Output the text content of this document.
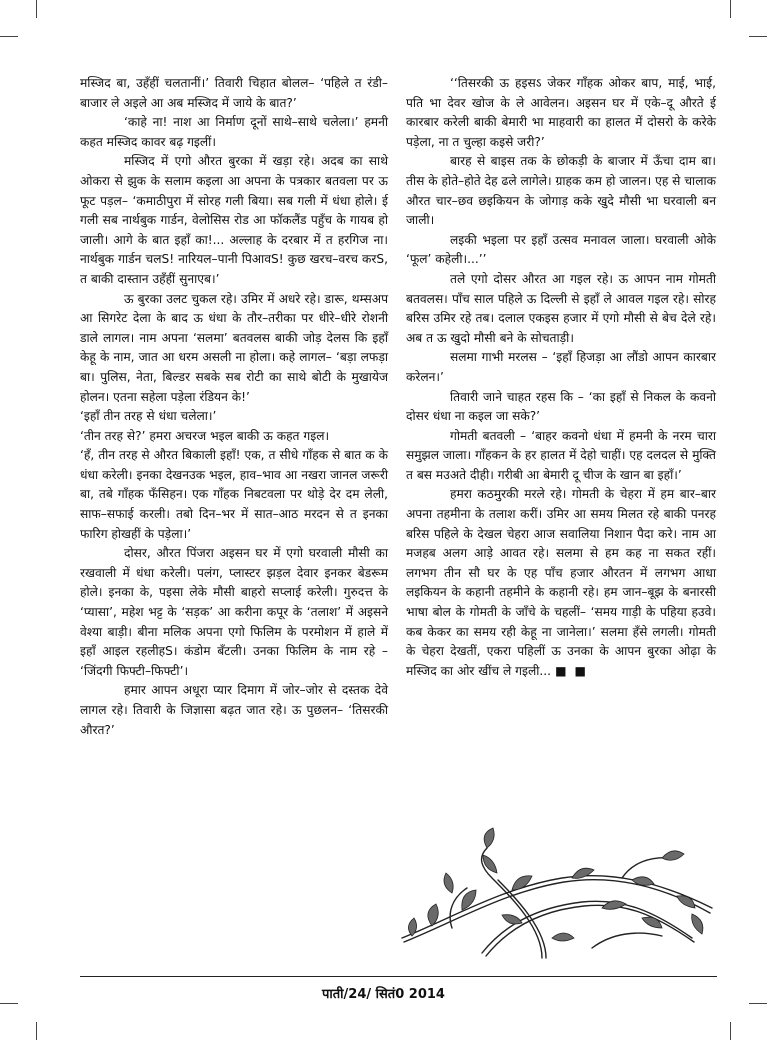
मस्जिद बा, उहँहीं चलतानीं।’ तिवारी चिहात बोलल– ‘पहिले त रंडी–बाजार ले अइले आ अब मस्जिद में जाये के बात?’

‘काहे ना! नाश आ निर्माण दूनों साथे–साथे चलेला।’ हमनी कहत मस्जिद कावर बढ़ गइलीं।

मस्जिद में एगो औरत बुरका में खड़ा रहे। अदब का साथे ओकरा से झुक के सलाम कइला आ अपना के पत्रकार बतवला पर ऊ फूट पड़ल– ‘कमाठीपुरा में सोरह गली बिया। सब गली में धंधा होले। ई गली सब नार्थबुक गार्डन, वेलोसिस रोड आ फॉकलैंड पहुँच के गायब हो जाली। आगे के बात इहाँ का!... अल्लाह के दरबार में त हरगिज ना। नार्थबुक गार्डन चलS! नारियल–पानी पिआवS! कुछ खरच–वरच करS, त बाकी दास्तान उहँहीं सुनाएब।’

ऊ बुरका उलट चुकल रहे। उमिर में अधरे रहे। डारू, थम्सअप आ सिगरेट देला के बाद ऊ धंधा के तौर–तरीका पर धीरे–धीरे रोशनी डाले लागल। नाम अपना ‘सलमा’ बतवलस बाकी जोड़ देलस कि इहाँ केहू के नाम, जात आ धरम असली ना होला। कहे लागल– ‘बड़ा लफड़ा बा। पुलिस, नेता, बिल्डर सबके सब रोटी का साथे बोटी के मुखायेज होलन। एतना सहेला पड़ेला रंडियन के!’

‘इहाँ तीन तरह से धंधा चलेला।’

‘तीन तरह से?’ हमरा अचरज भइल बाकी ऊ कहत गइल।

‘हँ, तीन तरह से औरत बिकाली इहाँ! एक, त सीधे गाँहक से बात क के धंधा करेली। इनका देखनउक भइल, हाव–भाव आ नखरा जानल जरूरी बा, तबे गाँहक फँसिहन। एक गाँहक निबटवला पर थोड़े देर दम लेली, साफ–सफाई करली। तबो दिन–भर में सात–आठ मरदन से त इनका फारिग होखहीं के पड़ेला।’

दोसर, औरत पिंजरा अइसन घर में एगो घरवाली मौसी का रखवाली में धंधा करेली। पलंग, प्लास्टर झड़ल देवार इनकर बेडरूम होले। इनका के, पइसा लेके मौसी बाहरो सप्लाई करेली। गुरुदत्त के ‘प्यासा’, महेश भट्ट के ‘सड़क’ आ करीना कपूर के ‘तलाश’ में अइसने वेश्या बाड़ी। बीना मलिक अपना एगो फिलिम के परमोशन में हाले में इहाँ आइल रहलीहS। कंडोम बँटली। उनका फिलिम के नाम रहे – ‘जिंदगी फिफ्टी–फिफ्टी’।

हमार आपन अधूरा प्यार दिमाग में जोर–जोर से दस्तक देवे लागल रहे। तिवारी के जिज्ञासा बढ़त जात रहे। ऊ पुछलन– ‘तिसरकी औरत?’

‘‘तिसरकी ऊ हइसऽ जेकर गाँहक ओकर बाप, माई, भाई, पति भा देवर खोज के ले आवेलन। अइसन घर में एके–दू औरते ई कारबार करेली बाकी बेमारी भा माहवारी का हालत में दोसरो के करेके पड़ेला, ना त चुल्हा कइसे जरी?’

बारह से बाइस तक के छोकड़ी के बाजार में ऊँचा दाम बा। तीस के होते–होते देह ढले लागेले। ग्राहक कम हो जालन। एह से चालाक औरत चार–छव छइकियन के जोगाड़ कके खुदे मौसी भा घरवाली बन जाली।

लइकी भइला पर इहाँ उत्सव मनावल जाला। घरवाली ओके ‘फूल’ कहेली।...’’

तले एगो दोसर औरत आ गइल रहे। ऊ आपन नाम गोमती बतवलस। पाँच साल पहिले ऊ दिल्ली से इहाँ ले आवल गइल रहे। सोरह बरिस उमिर रहे तब। दलाल एकइस हजार में एगो मौसी से बेच देले रहे। अब त ऊ खुदो मौसी बने के सोचताड़ी।

सलमा गाभी मरलस – ‘इहाँ हिजड़ा आ लौंडो आपन कारबार करेलन।’

तिवारी जाने चाहत रहस कि – ‘का इहाँ से निकल के कवनो दोसर धंधा ना कइल जा सके?’

गोमती बतवली – ‘बाहर कवनो धंधा में हमनी के नरम चारा समुझल जाला। गाँहकन के हर हालत में देहो चाहीं। एह दलदल से मुक्ति त बस मउअते दीही। गरीबी आ बेमारी दू चीज के खान बा इहाँ।’

हमरा कठमुरकी मरले रहे। गोमती के चेहरा में हम बार–बार अपना तहमीना के तलाश करीं। उमिर आ समय मिलत रहे बाकी पनरह बरिस पहिले के देखल चेहरा आज सवालिया निशान पैदा करे। नाम आ मजहब अलग आड़े आवत रहे। सलमा से हम कह ना सकत रहीं। लगभग तीन सौ घर के एह पाँच हजार औरतन में लगभग आधा लइकियन के कहानी तहमीने के कहानी रहे। हम जान–बूझ के बनारसी भाषा बोल के गोमती के जाँचे के चहलीं– ‘समय गाड़ी के पहिया हउवे। कब केकर का समय रही केहू ना जानेला।’ सलमा हँसे लगली। गोमती के चेहरा देखतीं, एकरा पहिलीं ऊ उनका के आपन बुरका ओढ़ा के मस्जिद का ओर खींच ले गइली... ■ ■

पाती/24/ सितं0 2014
